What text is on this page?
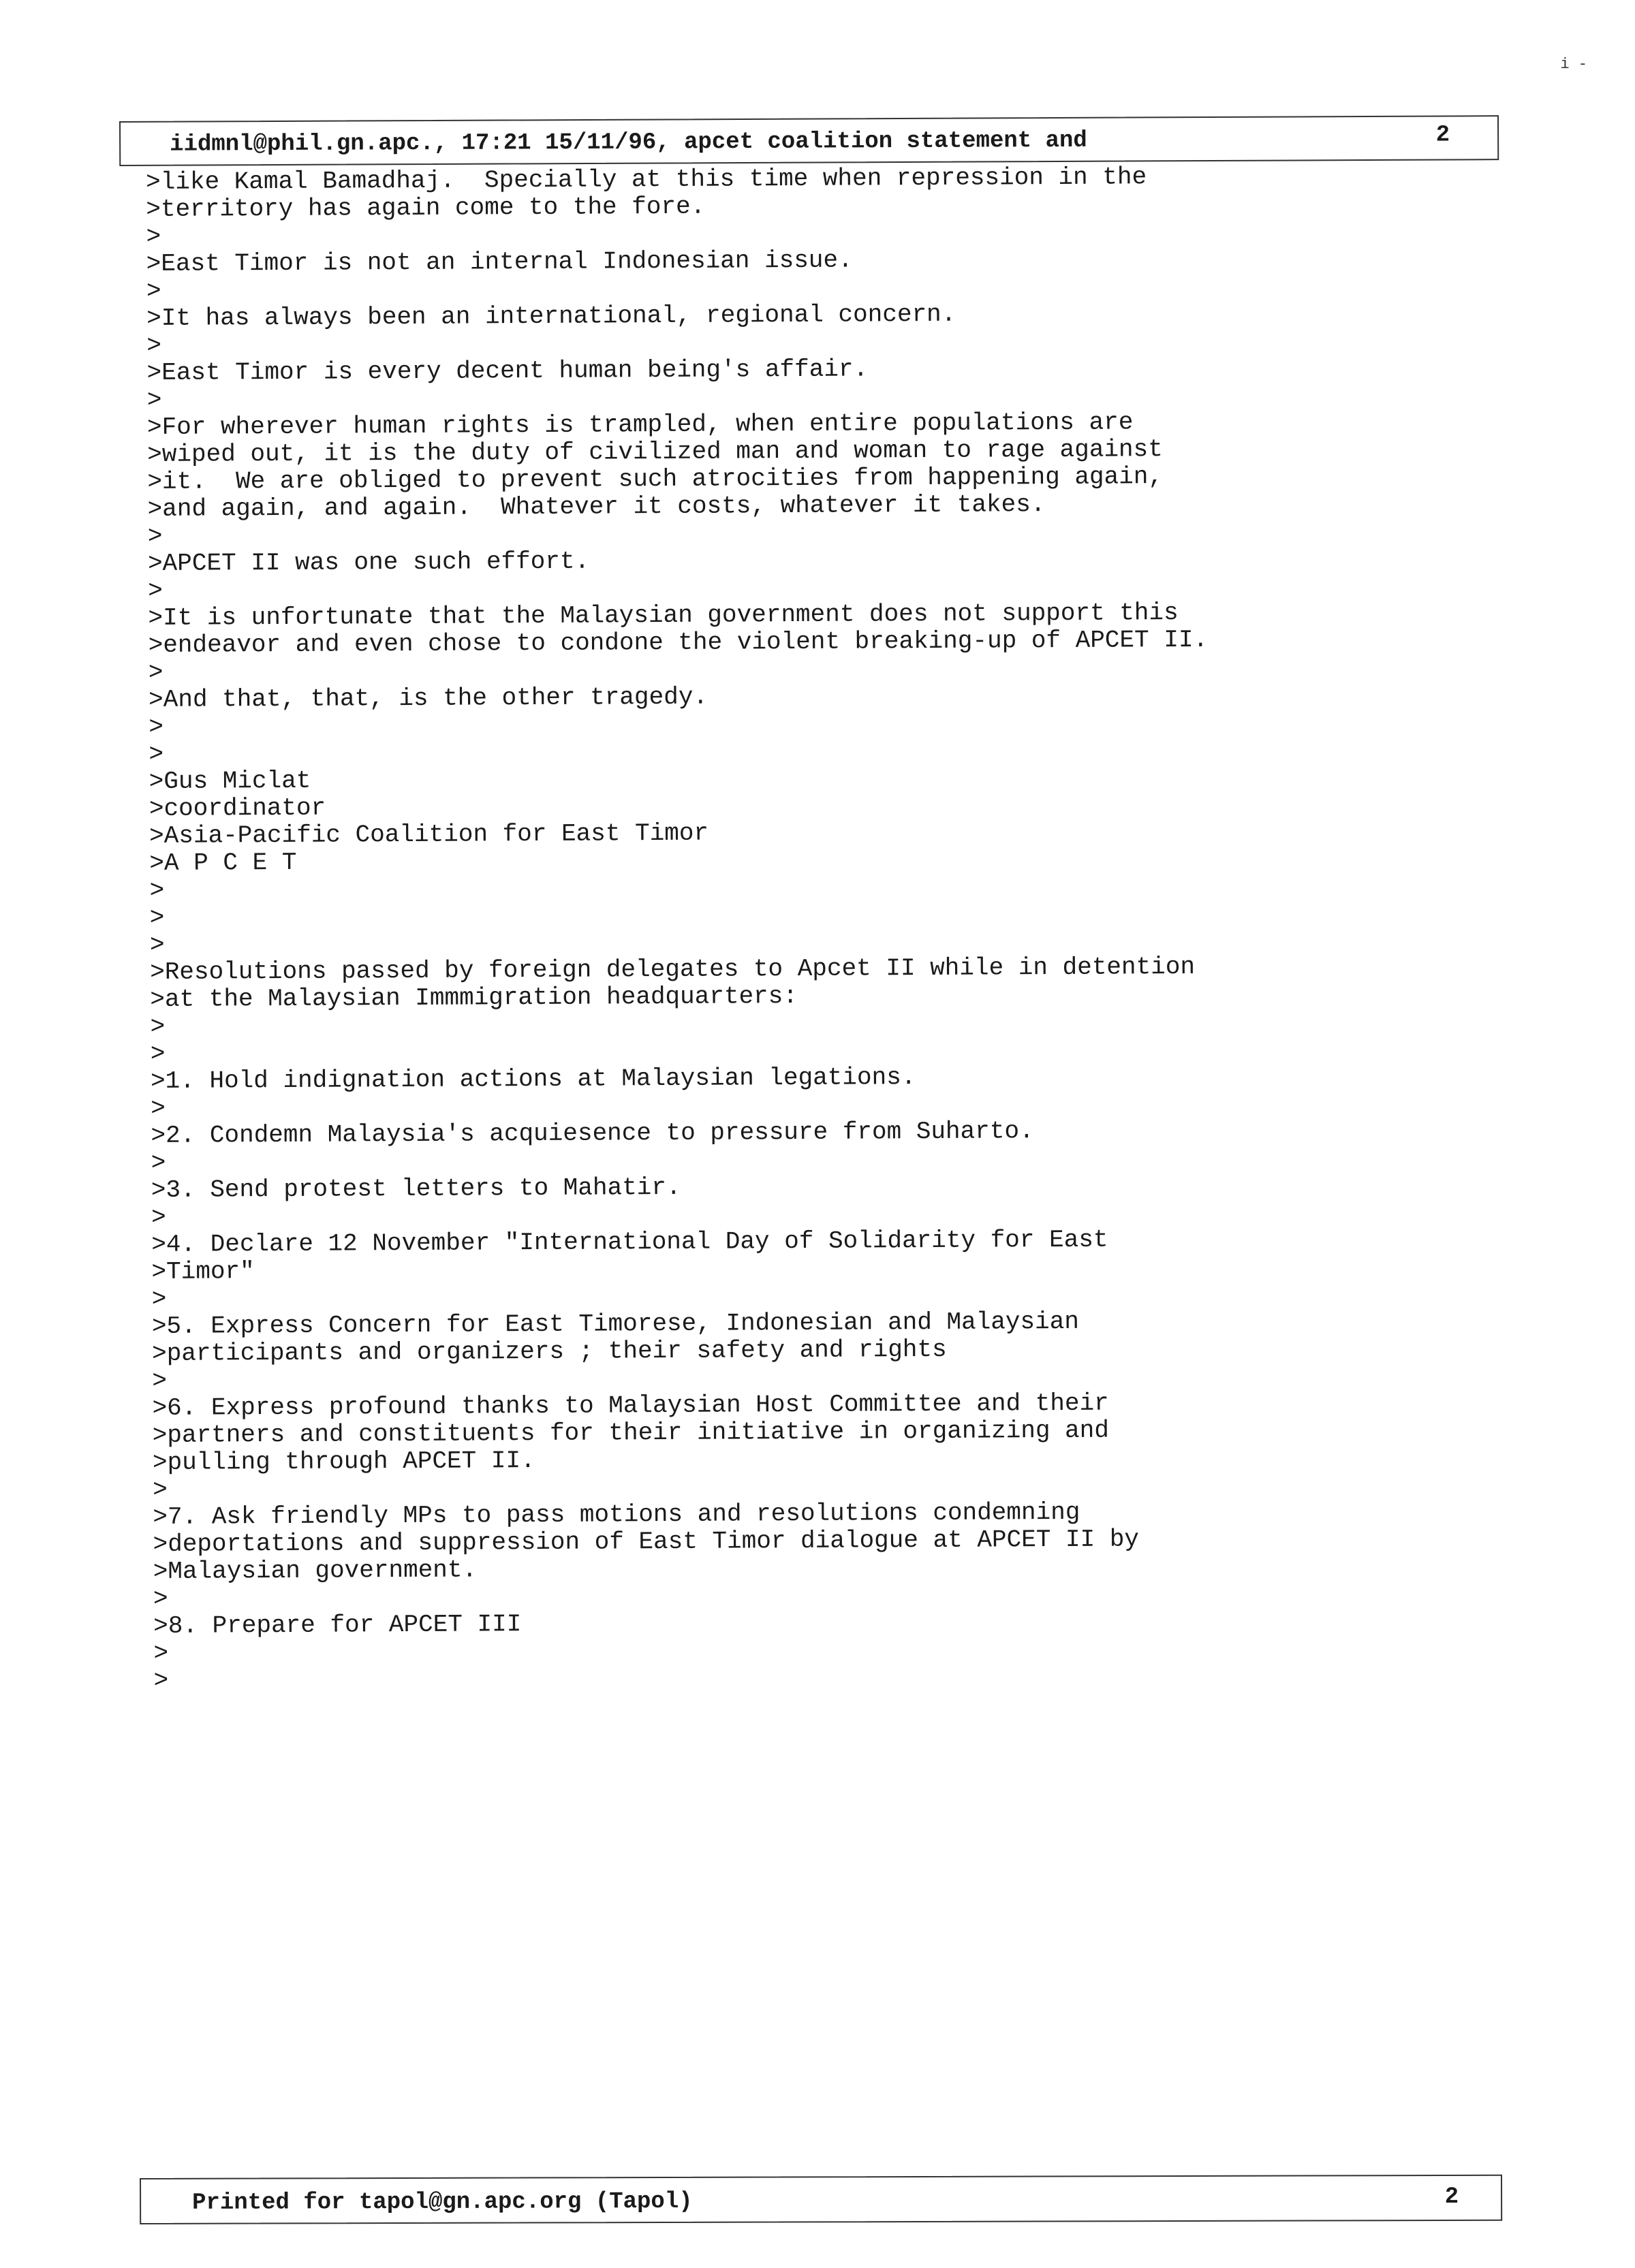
i -
iidmnl@phil.gn.apc., 17:21 15/11/96, apcet coalition statement and	2
>like Kamal Bamadhaj.  Specially at this time when repression in the
>territory has again come to the fore.
>
>East Timor is not an internal Indonesian issue.
>
>It has always been an international, regional concern.
>
>East Timor is every decent human being's affair.
>
>For wherever human rights is trampled, when entire populations are
>wiped out, it is the duty of civilized man and woman to rage against
>it.  We are obliged to prevent such atrocities from happening again,
>and again, and again.  Whatever it costs, whatever it takes.
>
>APCET II was one such effort.
>
>It is unfortunate that the Malaysian government does not support this
>endeavor and even chose to condone the violent breaking-up of APCET II.
>
>And that, that, is the other tragedy.
>
>
>Gus Miclat
>coordinator
>Asia-Pacific Coalition for East Timor
>A P C E T
>
>
>
>Resolutions passed by foreign delegates to Apcet II while in detention
>at the Malaysian Immmigration headquarters:
>
>
>1. Hold indignation actions at Malaysian legations.
>
>2. Condemn Malaysia's acquiesence to pressure from Suharto.
>
>3. Send protest letters to Mahatir.
>
>4. Declare 12 November "International Day of Solidarity for East
>Timor"
>
>5. Express Concern for East Timorese, Indonesian and Malaysian
>participants and organizers ; their safety and rights
>
>6. Express profound thanks to Malaysian Host Committee and their
>partners and constituents for their initiative in organizing and
>pulling through APCET II.
>
>7. Ask friendly MPs to pass motions and resolutions condemning
>deportations and suppression of East Timor dialogue at APCET II by
>Malaysian government.
>
>8. Prepare for APCET III
>
>
Printed for tapol@gn.apc.org (Tapol)	2
